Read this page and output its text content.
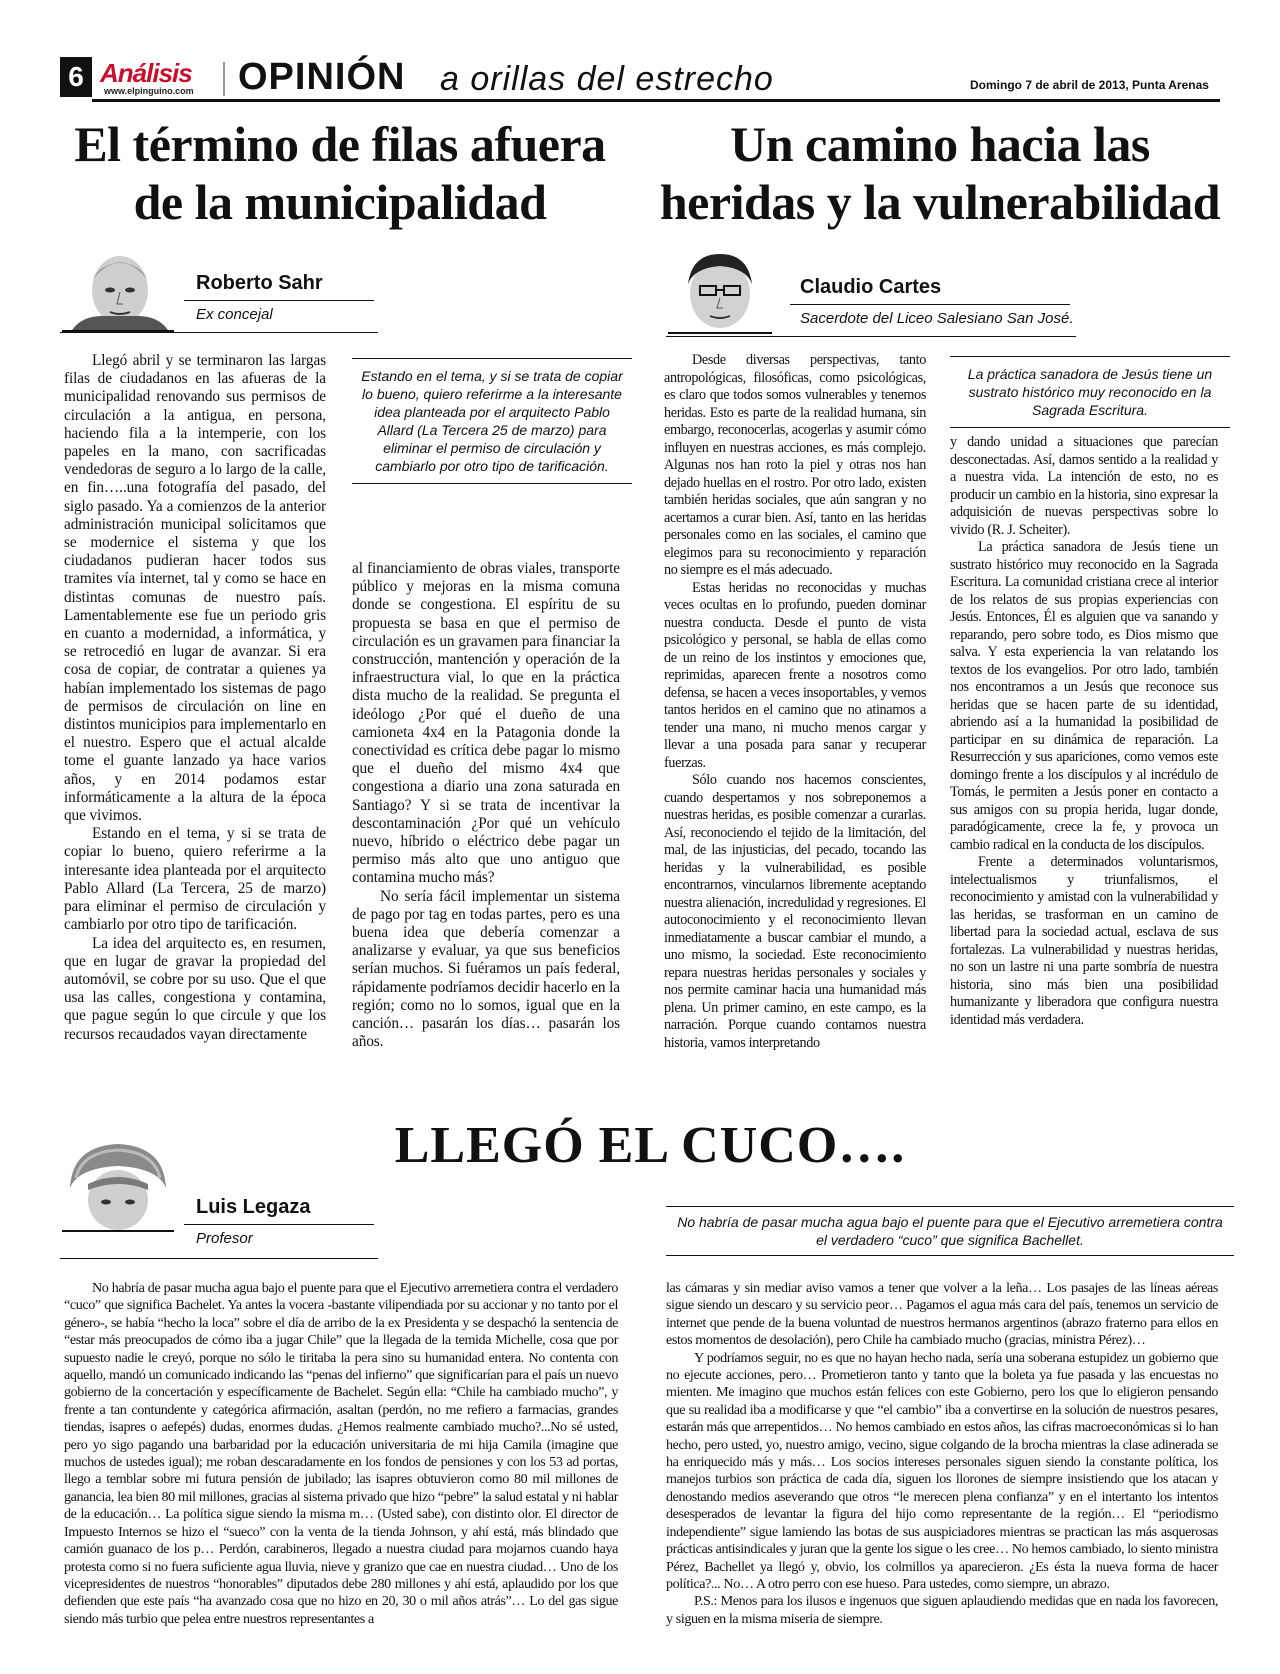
6 Análisis
www.elpinguino.com OPINIÓN a orillas del estrecho	Domingo 7 de abril de 2013, Punta Arenas
El término de filas afuera de la municipalidad
Roberto Sahr
Ex concejal
Estando en el tema, y si se trata de copiar lo bueno, quiero referirme a la interesante idea planteada por el arquitecto Pablo Allard (La Tercera 25 de marzo) para eliminar el permiso de circulación y cambiarlo por otro tipo de tarificación.

Llegó abril y se terminaron las largas filas de ciudadanos en las afueras de la municipalidad renovando sus permisos de circulación a la antigua, en persona, haciendo fila a la intemperie, con los papeles en la mano, con sacrificadas vendedoras de seguro a lo largo de la calle, en fin…..una fotografía del pasado, del siglo pasado. Ya a comienzos de la anterior administración municipal solicitamos que se modernice el sistema y que los ciudadanos pudieran hacer todos sus tramites vía internet, tal y como se hace en distintas comunas de nuestro país. Lamentablemente ese fue un periodo gris en cuanto a modernidad, a informática, y se retrocedió en lugar de avanzar. Si era cosa de copiar, de contratar a quienes ya habían implementado los sistemas de pago de permisos de circulación on line en distintos municipios para implementarlo en el nuestro. Espero que el actual alcalde tome el guante lanzado ya hace varios años, y en 2014 podamos estar informáticamente a la altura de la época que vivimos.

Estando en el tema, y si se trata de copiar lo bueno, quiero referirme a la interesante idea planteada por el arquitecto Pablo Allard (La Tercera, 25 de marzo) para eliminar el permiso de circulación y cambiarlo por otro tipo de tarificación.

La idea del arquitecto es, en resumen, que en lugar de gravar la propiedad del automóvil, se cobre por su uso. Que el que usa las calles, congestiona y contamina, que pague según lo que circule y que los recursos recaudados vayan directamente

al financiamiento de obras viales, transporte público y mejoras en la misma comuna donde se congestiona. El espíritu de su propuesta se basa en que el permiso de circulación es un gravamen para financiar la construcción, mantención y operación de la infraestructura vial, lo que en la práctica dista mucho de la realidad. Se pregunta el ideólogo ¿Por qué el dueño de una camioneta 4x4 en la Patagonia donde la conectividad es crítica debe pagar lo mismo que el dueño del mismo 4x4 que congestiona a diario una zona saturada en Santiago? Y si se trata de incentivar la descontaminación ¿Por qué un vehículo nuevo, híbrido o eléctrico debe pagar un permiso más alto que uno antiguo que contamina mucho más?

No sería fácil implementar un sistema de pago por tag en todas partes, pero es una buena idea que debería comenzar a analizarse y evaluar, ya que sus beneficios serían muchos. Si fuéramos un país federal, rápidamente podríamos decidir hacerlo en la región; como no lo somos, igual que en la canción… pasarán los días… pasarán los años.

Un camino hacia las heridas y la vulnerabilidad
Claudio Cartes
Sacerdote del Liceo Salesiano San José.
La práctica sanadora de Jesús tiene un sustrato histórico muy reconocido en la Sagrada Escritura.

Desde diversas perspectivas, tanto antropológicas, filosóficas, como psicológicas, es claro que todos somos vulnerables y tenemos heridas. Esto es parte de la realidad humana, sin embargo, reconocerlas, acogerlas y asumir cómo influyen en nuestras acciones, es más complejo. Algunas nos han roto la piel y otras nos han dejado huellas en el rostro. Por otro lado, existen también heridas sociales, que aún sangran y no acertamos a curar bien. Así, tanto en las heridas personales como en las sociales, el camino que elegimos para su reconocimiento y reparación no siempre es el más adecuado.

Estas heridas no reconocidas y muchas veces ocultas en lo profundo, pueden dominar nuestra conducta. Desde el punto de vista psicológico y personal, se habla de ellas como de un reino de los instintos y emociones que, reprimidas, aparecen frente a nosotros como defensa, se hacen a veces insoportables, y vemos tantos heridos en el camino que no atinamos a tender una mano, ni mucho menos cargar y llevar a una posada para sanar y recuperar fuerzas.

Sólo cuando nos hacemos conscientes, cuando despertamos y nos sobreponemos a nuestras heridas, es posible comenzar a curarlas. Así, reconociendo el tejido de la limitación, del mal, de las injusticias, del pecado, tocando las heridas y la vulnerabilidad, es posible encontrarnos, vincularnos libremente aceptando nuestra alienación, incredulidad y regresiones. El autoconocimiento y el reconocimiento llevan inmediatamente a buscar cambiar el mundo, a uno mismo, la sociedad. Este reconocimiento repara nuestras heridas personales y sociales y nos permite caminar hacia una humanidad más plena. Un primer camino, en este campo, es la narración. Porque cuando contamos nuestra historia, vamos interpretando

y dando unidad a situaciones que parecían desconectadas. Así, damos sentido a la realidad y a nuestra vida. La intención de esto, no es producir un cambio en la historia, sino expresar la adquisición de nuevas perspectivas sobre lo vivido (R. J. Scheiter).

La práctica sanadora de Jesús tiene un sustrato histórico muy reconocido en la Sagrada Escritura. La comunidad cristiana crece al interior de los relatos de sus propias experiencias con Jesús. Entonces, Él es alguien que va sanando y reparando, pero sobre todo, es Dios mismo que salva. Y esta experiencia la van relatando los textos de los evangelios. Por otro lado, también nos encontramos a un Jesús que reconoce sus heridas que se hacen parte de su identidad, abriendo así a la humanidad la posibilidad de participar en su dinámica de reparación. La Resurrección y sus apariciones, como vemos este domingo frente a los discípulos y al incrédulo de Tomás, le permiten a Jesús poner en contacto a sus amigos con su propia herida, lugar donde, paradógicamente, crece la fe, y provoca un cambio radical en la conducta de los discípulos.

Frente a determinados voluntarismos, intelectualismos y triunfalismos, el reconocimiento y amistad con la vulnerabilidad y las heridas, se trasforman en un camino de libertad para la sociedad actual, esclava de sus fortalezas. La vulnerabilidad y nuestras heridas, no son un lastre ni una parte sombría de nuestra historia, sino más bien una posibilidad humanizante y liberadora que configura nuestra identidad más verdadera.

LLEGÓ EL CUCO….
Luis Legaza
Profesor
No habría de pasar mucha agua bajo el puente para que el Ejecutivo arremetiera contra el verdadero “cuco” que significa Bachellet.

No habría de pasar mucha agua bajo el puente para que el Ejecutivo arremetiera contra el verdadero “cuco” que significa Bachelet. Ya antes la vocera -bastante vilipendiada por su accionar y no tanto por el género-, se había “hecho la loca” sobre el día de arribo de la ex Presidenta y se despachó la sentencia de “estar más preocupados de cómo iba a jugar Chile” que la llegada de la temida Michelle, cosa que por supuesto nadie le creyó, porque no sólo le tiritaba la pera sino su humanidad entera. No contenta con aquello, mandó un comunicado indicando las “penas del infierno” que significarían para el país un nuevo gobierno de la concertación y específicamente de Bachelet. Según ella: “Chile ha cambiado mucho”, y frente a tan contundente y categórica afirmación, asaltan (perdón, no me refiero a farmacias, grandes tiendas, isapres o aefepés) dudas, enormes dudas. ¿Hemos realmente cambiado mucho?...No sé usted, pero yo sigo pagando una barbaridad por la educación universitaria de mi hija Camila (imagine que muchos de ustedes igual); me roban descaradamente en los fondos de pensiones y con los 53 ad portas, llego a temblar sobre mi futura pensión de jubilado; las isapres obtuvieron como 80 mil millones de ganancia, lea bien 80 mil millones, gracias al sistema privado que hizo “pebre” la salud estatal y ni hablar de la educación… La política sigue siendo la misma m… (Usted sabe), con distinto olor. El director de Impuesto Internos se hizo el “sueco” con la venta de la tienda Johnson, y ahí está, más blindado que camión guanaco de los p… Perdón, carabineros, llegado a nuestra ciudad para mojarnos cuando haya protesta como si no fuera suficiente agua lluvia, nieve y granizo que cae en nuestra ciudad… Uno de los vicepresidentes de nuestros “honorables” diputados debe 280 millones y ahí está, aplaudido por los que defienden que este país “ha avanzado cosa que no hizo en 20, 30 o mil años atrás”… Lo del gas sigue siendo más turbio que pelea entre nuestros representantes a

las cámaras y sin mediar aviso vamos a tener que volver a la leña… Los pasajes de las líneas aéreas sigue siendo un descaro y su servicio peor… Pagamos el agua más cara del país, tenemos un servicio de internet que pende de la buena voluntad de nuestros hermanos argentinos (abrazo fraterno para ellos en estos momentos de desolación), pero Chile ha cambiado mucho (gracias, ministra Pérez)…

Y podríamos seguir, no es que no hayan hecho nada, sería una soberana estupidez un gobierno que no ejecute acciones, pero… Prometieron tanto y tanto que la boleta ya fue pasada y las encuestas no mienten. Me imagino que muchos están felices con este Gobierno, pero los que lo eligieron pensando que su realidad iba a modificarse y que “el cambio” iba a convertirse en la solución de nuestros pesares, estarán más que arrepentidos… No hemos cambiado en estos años, las cifras macroeconómicas si lo han hecho, pero usted, yo, nuestro amigo, vecino, sigue colgando de la brocha mientras la clase adinerada se ha enriquecido más y más… Los socios intereses personales siguen siendo la constante política, los manejos turbios son práctica de cada día, siguen los llorones de siempre insistiendo que los atacan y denostando medios aseverando que otros “le merecen plena confianza” y en el intertanto los intentos desesperados de levantar la figura del hijo como representante de la región… El “periodismo independiente” sigue lamiendo las botas de sus auspiciadores mientras se practican las más asquerosas prácticas antisindicales y juran que la gente los sigue o les cree… No hemos cambiado, lo siento ministra Pérez, Bachellet ya llegó y, obvio, los colmillos ya aparecieron. ¿Es ésta la nueva forma de hacer política?... No… A otro perro con ese hueso. Para ustedes, como siempre, un abrazo.

P.S.: Menos para los ilusos e ingenuos que siguen aplaudiendo medidas que en nada los favorecen, y siguen en la misma miseria de siempre.
